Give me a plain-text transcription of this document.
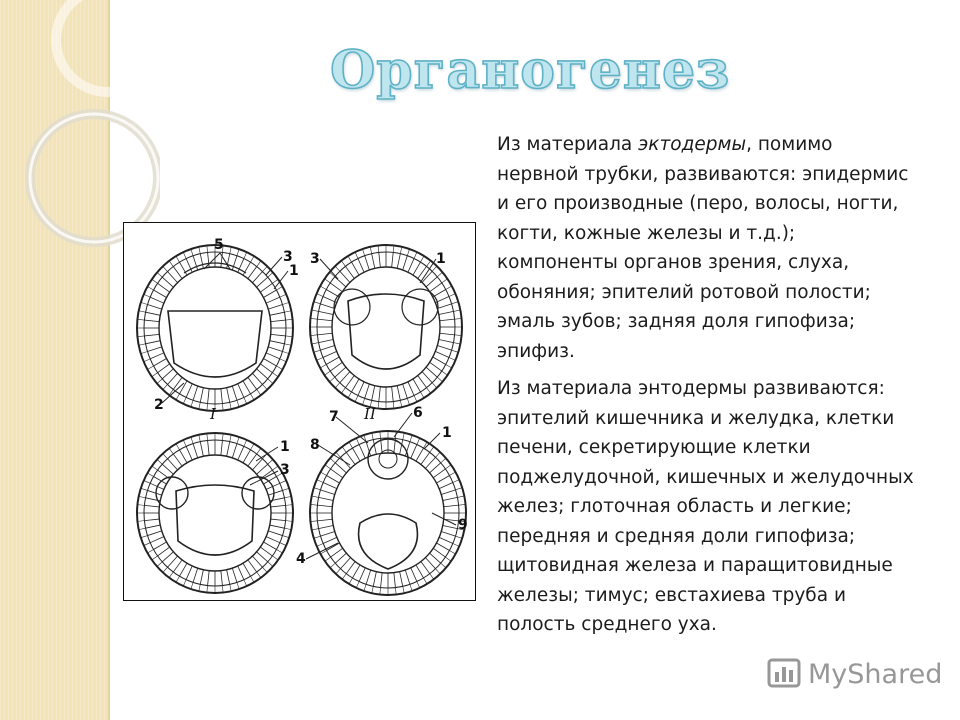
Органогенез
5
3
1
2
3	1
1
3
7	6
8
1
9
4
I	II

Из материала эктодермы, помимо нервной трубки, развиваются: эпидермис и его производные (перо, волосы, ногти, когти, кожные железы и т.д.); компоненты органов зрения, слуха, обоняния; эпителий ротовой полости; эмаль зубов; задняя доля гипофиза; эпифиз.

Из материала энтодермы развиваются:
эпителий кишечника и желудка, клетки печени, секретирующие клетки поджелудочной, кишечных и желудочных желез; глоточная область и легкие; передняя и средняя доли гипофиза; щитовидная железа и паращитовидные железы; тимус; евстахиева труба и полость среднего уха.

MyShared
